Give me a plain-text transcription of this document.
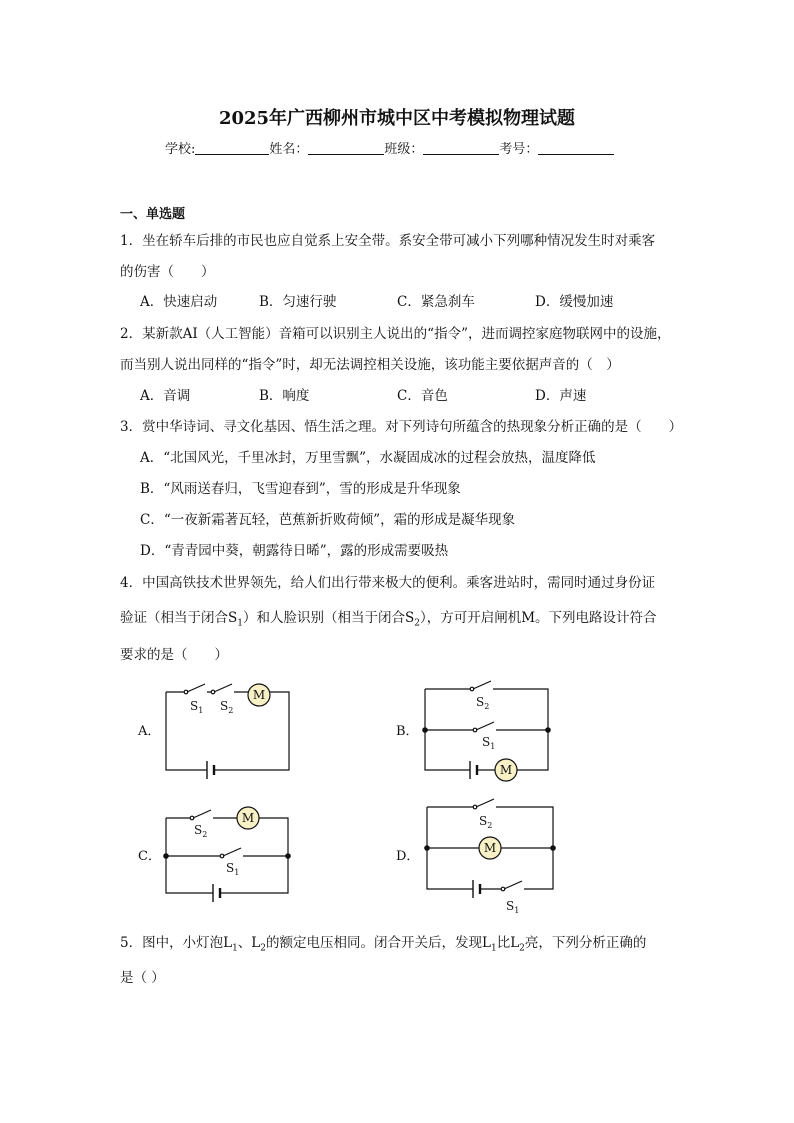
2025年广西柳州市城中区中考模拟物理试题
学校:	姓名：	班级：	考号：
一、单选题
1．坐在轿车后排的市民也应自觉系上安全带。系安全带可减小下列哪种情况发生时对乘客
的伤害（　　）
A．快速启动	B．匀速行驶	C．紧急刹车	D．缓慢加速
2．某新款AI（人工智能）音箱可以识别主人说出的“指令”，进而调控家庭物联网中的设施，
而当别人说出同样的“指令”时，却无法调控相关设施，该功能主要依据声音的（　）
A．音调	B．响度	C．音色	D．声速
3．赏中华诗词、寻文化基因、悟生活之理。对下列诗句所蕴含的热现象分析正确的是（　　）
A．“北国风光，千里冰封，万里雪飘”，水凝固成冰的过程会放热，温度降低
B．“风雨送春归，飞雪迎春到”，雪的形成是升华现象
C．“一夜新霜著瓦轻，芭蕉新折败荷倾”，霜的形成是凝华现象
D．“青青园中葵，朝露待日晞”，露的形成需要吸热
4．中国高铁技术世界领先，给人们出行带来极大的便利。乘客进站时，需同时通过身份证
验证（相当于闭合$S_1$）和人脸识别（相当于闭合$S_2$），方可开启闸机M。下列电路设计符合
要求的是（　　）
A．	B．
C．	D．
M
M
M
M
$S_1$ $S_2$
$S_2$
$S_1$
$S_2$
$S_1$
$S_2$
$S_1$
5．图中，小灯泡$L_1$、$L_2$的额定电压相同。闭合开关后，发现$L_1$比$L_2$亮，下列分析正确的
是（ ）
